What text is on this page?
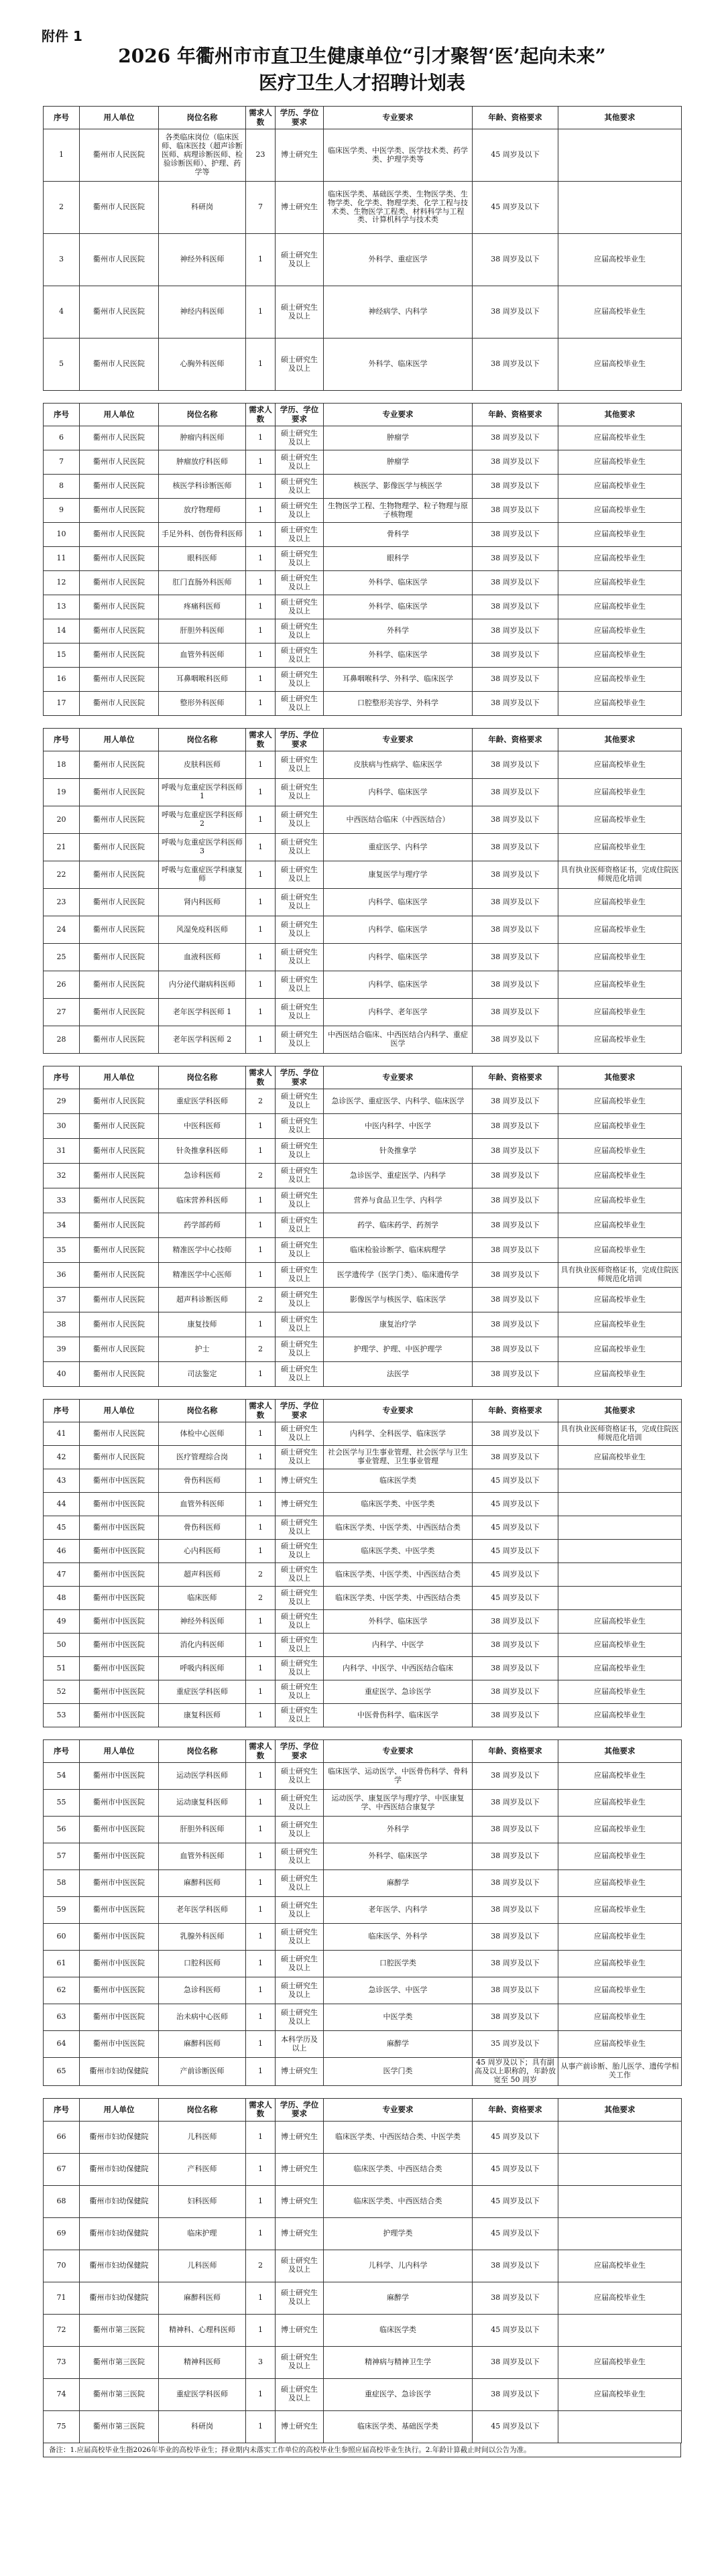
附件 1
2026 年衢州市市直卫生健康单位“引才聚智‘医’起向未来”
医疗卫生人才招聘计划表
序号	用人单位	岗位名称	需求人数	学历、学位要求	专业要求	年龄、资格要求	其他要求
1	衢州市人民医院	各类临床岗位（临床医师、临床医技（超声诊断医师、病理诊断医师、检验诊断医师）、护理、药学等	23	博士研究生	临床医学类、中医学类、医学技术类、药学类、护理学类等	45 周岁及以下	
2	衢州市人民医院	科研岗	7	博士研究生	临床医学类、基础医学类、生物医学类、生物学类、化学类、物理学类、化学工程与技术类、生物医学工程类、材料科学与工程类、计算机科学与技术类	45 周岁及以下	
3	衢州市人民医院	神经外科医师	1	硕士研究生及以上	外科学、重症医学	38 周岁及以下	应届高校毕业生
4	衢州市人民医院	神经内科医师	1	硕士研究生及以上	神经病学、内科学	38 周岁及以下	应届高校毕业生
5	衢州市人民医院	心胸外科医师	1	硕士研究生及以上	外科学、临床医学	38 周岁及以下	应届高校毕业生
序号	用人单位	岗位名称	需求人数	学历、学位要求	专业要求	年龄、资格要求	其他要求
6	衢州市人民医院	肿瘤内科医师	1	硕士研究生及以上	肿瘤学	38 周岁及以下	应届高校毕业生
7	衢州市人民医院	肿瘤放疗科医师	1	硕士研究生及以上	肿瘤学	38 周岁及以下	应届高校毕业生
8	衢州市人民医院	核医学科诊断医师	1	硕士研究生及以上	核医学、影像医学与核医学	38 周岁及以下	应届高校毕业生
9	衢州市人民医院	放疗物理师	1	硕士研究生及以上	生物医学工程、生物物理学、粒子物理与原子核物理	38 周岁及以下	应届高校毕业生
10	衢州市人民医院	手足外科、创伤骨科医师	1	硕士研究生及以上	骨科学	38 周岁及以下	应届高校毕业生
11	衢州市人民医院	眼科医师	1	硕士研究生及以上	眼科学	38 周岁及以下	应届高校毕业生
12	衢州市人民医院	肛门直肠外科医师	1	硕士研究生及以上	外科学、临床医学	38 周岁及以下	应届高校毕业生
13	衢州市人民医院	疼痛科医师	1	硕士研究生及以上	外科学、临床医学	38 周岁及以下	应届高校毕业生
14	衢州市人民医院	肝胆外科医师	1	硕士研究生及以上	外科学	38 周岁及以下	应届高校毕业生
15	衢州市人民医院	血管外科医师	1	硕士研究生及以上	外科学、临床医学	38 周岁及以下	应届高校毕业生
16	衢州市人民医院	耳鼻咽喉科医师	1	硕士研究生及以上	耳鼻咽喉科学、外科学、临床医学	38 周岁及以下	应届高校毕业生
17	衢州市人民医院	整形外科医师	1	硕士研究生及以上	口腔整形美容学、外科学	38 周岁及以下	应届高校毕业生
序号	用人单位	岗位名称	需求人数	学历、学位要求	专业要求	年龄、资格要求	其他要求
18	衢州市人民医院	皮肤科医师	1	硕士研究生及以上	皮肤病与性病学、临床医学	38 周岁及以下	应届高校毕业生
19	衢州市人民医院	呼吸与危重症医学科医师 1	1	硕士研究生及以上	内科学、临床医学	38 周岁及以下	应届高校毕业生
20	衢州市人民医院	呼吸与危重症医学科医师 2	1	硕士研究生及以上	中西医结合临床（中西医结合）	38 周岁及以下	应届高校毕业生
21	衢州市人民医院	呼吸与危重症医学科医师 3	1	硕士研究生及以上	重症医学、内科学	38 周岁及以下	应届高校毕业生
22	衢州市人民医院	呼吸与危重症医学科康复师	1	硕士研究生及以上	康复医学与理疗学	38 周岁及以下	具有执业医师资格证书，完成住院医师规范化培训
23	衢州市人民医院	肾内科医师	1	硕士研究生及以上	内科学、临床医学	38 周岁及以下	应届高校毕业生
24	衢州市人民医院	风湿免疫科医师	1	硕士研究生及以上	内科学、临床医学	38 周岁及以下	应届高校毕业生
25	衢州市人民医院	血液科医师	1	硕士研究生及以上	内科学、临床医学	38 周岁及以下	应届高校毕业生
26	衢州市人民医院	内分泌代谢病科医师	1	硕士研究生及以上	内科学、临床医学	38 周岁及以下	应届高校毕业生
27	衢州市人民医院	老年医学科医师 1	1	硕士研究生及以上	内科学、老年医学	38 周岁及以下	应届高校毕业生
28	衢州市人民医院	老年医学科医师 2	1	硕士研究生及以上	中西医结合临床、中西医结合内科学、重症医学	38 周岁及以下	应届高校毕业生
序号	用人单位	岗位名称	需求人数	学历、学位要求	专业要求	年龄、资格要求	其他要求
29	衢州市人民医院	重症医学科医师	2	硕士研究生及以上	急诊医学、重症医学、内科学、临床医学	38 周岁及以下	应届高校毕业生
30	衢州市人民医院	中医科医师	1	硕士研究生及以上	中医内科学、中医学	38 周岁及以下	应届高校毕业生
31	衢州市人民医院	针灸推拿科医师	1	硕士研究生及以上	针灸推拿学	38 周岁及以下	应届高校毕业生
32	衢州市人民医院	急诊科医师	2	硕士研究生及以上	急诊医学、重症医学、内科学	38 周岁及以下	应届高校毕业生
33	衢州市人民医院	临床营养科医师	1	硕士研究生及以上	营养与食品卫生学、内科学	38 周岁及以下	应届高校毕业生
34	衢州市人民医院	药学部药师	1	硕士研究生及以上	药学、临床药学、药剂学	38 周岁及以下	应届高校毕业生
35	衢州市人民医院	精准医学中心技师	1	硕士研究生及以上	临床检验诊断学、临床病理学	38 周岁及以下	应届高校毕业生
36	衢州市人民医院	精准医学中心医师	1	硕士研究生及以上	医学遗传学（医学门类）、临床遗传学	38 周岁及以下	具有执业医师资格证书，完成住院医师规范化培训
37	衢州市人民医院	超声科诊断医师	2	硕士研究生及以上	影像医学与核医学、临床医学	38 周岁及以下	应届高校毕业生
38	衢州市人民医院	康复技师	1	硕士研究生及以上	康复治疗学	38 周岁及以下	应届高校毕业生
39	衢州市人民医院	护士	2	硕士研究生及以上	护理学、护理、中医护理学	38 周岁及以下	应届高校毕业生
40	衢州市人民医院	司法鉴定	1	硕士研究生及以上	法医学	38 周岁及以下	应届高校毕业生
序号	用人单位	岗位名称	需求人数	学历、学位要求	专业要求	年龄、资格要求	其他要求
41	衢州市人民医院	体检中心医师	1	硕士研究生及以上	内科学、全科医学、临床医学	38 周岁及以下	具有执业医师资格证书，完成住院医师规范化培训
42	衢州市人民医院	医疗管理综合岗	1	硕士研究生及以上	社会医学与卫生事业管理、社会医学与卫生事业管理、卫生事业管理	38 周岁及以下	应届高校毕业生
43	衢州市中医医院	骨伤科医师	1	博士研究生	临床医学类	45 周岁及以下	
44	衢州市中医医院	血管外科医师	1	博士研究生	临床医学类、中医学类	45 周岁及以下	
45	衢州市中医医院	骨伤科医师	1	硕士研究生及以上	临床医学类、中医学类、中西医结合类	45 周岁及以下	
46	衢州市中医医院	心内科医师	1	硕士研究生及以上	临床医学类、中医学类	45 周岁及以下	
47	衢州市中医医院	超声科医师	2	硕士研究生及以上	临床医学类、中医学类、中西医结合类	45 周岁及以下	
48	衢州市中医医院	临床医师	2	硕士研究生及以上	临床医学类、中医学类、中西医结合类	45 周岁及以下	
49	衢州市中医医院	神经外科医师	1	硕士研究生及以上	外科学、临床医学	38 周岁及以下	应届高校毕业生
50	衢州市中医医院	消化内科医师	1	硕士研究生及以上	内科学、中医学	38 周岁及以下	应届高校毕业生
51	衢州市中医医院	呼吸内科医师	1	硕士研究生及以上	内科学、中医学、中西医结合临床	38 周岁及以下	应届高校毕业生
52	衢州市中医医院	重症医学科医师	1	硕士研究生及以上	重症医学、急诊医学	38 周岁及以下	应届高校毕业生
53	衢州市中医医院	康复科医师	1	硕士研究生及以上	中医骨伤科学、临床医学	38 周岁及以下	应届高校毕业生
序号	用人单位	岗位名称	需求人数	学历、学位要求	专业要求	年龄、资格要求	其他要求
54	衢州市中医医院	运动医学科医师	1	硕士研究生及以上	临床医学、运动医学、中医骨伤科学、骨科学	38 周岁及以下	应届高校毕业生
55	衢州市中医医院	运动康复科医师	1	硕士研究生及以上	运动医学、康复医学与理疗学、中医康复学、中西医结合康复学	38 周岁及以下	应届高校毕业生
56	衢州市中医医院	肝胆外科医师	1	硕士研究生及以上	外科学	38 周岁及以下	应届高校毕业生
57	衢州市中医医院	血管外科医师	1	硕士研究生及以上	外科学、临床医学	38 周岁及以下	应届高校毕业生
58	衢州市中医医院	麻醉科医师	1	硕士研究生及以上	麻醉学	38 周岁及以下	应届高校毕业生
59	衢州市中医医院	老年医学科医师	1	硕士研究生及以上	老年医学、内科学	38 周岁及以下	应届高校毕业生
60	衢州市中医医院	乳腺外科医师	1	硕士研究生及以上	临床医学、外科学	38 周岁及以下	应届高校毕业生
61	衢州市中医医院	口腔科医师	1	硕士研究生及以上	口腔医学类	38 周岁及以下	应届高校毕业生
62	衢州市中医医院	急诊科医师	1	硕士研究生及以上	急诊医学、中医学	38 周岁及以下	应届高校毕业生
63	衢州市中医医院	治未病中心医师	1	硕士研究生及以上	中医学类	38 周岁及以下	应届高校毕业生
64	衢州市中医医院	麻醉科医师	1	本科学历及以上	麻醉学	35 周岁及以下	应届高校毕业生
65	衢州市妇幼保健院	产前诊断医师	1	博士研究生	医学门类	45 周岁及以下；具有副高及以上职称的，年龄放宽至 50 周岁	从事产前诊断、胎儿医学、遗传学相关工作
序号	用人单位	岗位名称	需求人数	学历、学位要求	专业要求	年龄、资格要求	其他要求
66	衢州市妇幼保健院	儿科医师	1	博士研究生	临床医学类、中西医结合类、中医学类	45 周岁及以下	
67	衢州市妇幼保健院	产科医师	1	博士研究生	临床医学类、中西医结合类	45 周岁及以下	
68	衢州市妇幼保健院	妇科医师	1	博士研究生	临床医学类、中西医结合类	45 周岁及以下	
69	衢州市妇幼保健院	临床护理	1	博士研究生	护理学类	45 周岁及以下	
70	衢州市妇幼保健院	儿科医师	2	硕士研究生及以上	儿科学、儿内科学	38 周岁及以下	应届高校毕业生
71	衢州市妇幼保健院	麻醉科医师	1	硕士研究生及以上	麻醉学	38 周岁及以下	应届高校毕业生
72	衢州市第三医院	精神科、心理科医师	1	博士研究生	临床医学类	45 周岁及以下	
73	衢州市第三医院	精神科医师	3	硕士研究生及以上	精神病与精神卫生学	38 周岁及以下	应届高校毕业生
74	衢州市第三医院	重症医学科医师	1	硕士研究生及以上	重症医学、急诊医学	38 周岁及以下	应届高校毕业生
75	衢州市第三医院	科研岗	1	博士研究生	临床医学类、基础医学类	45 周岁及以下	
备注：1.应届高校毕业生指2026年毕业的高校毕业生；择业期内未落实工作单位的高校毕业生参照应届高校毕业生执行。2.年龄计算截止时间以公告为准。
